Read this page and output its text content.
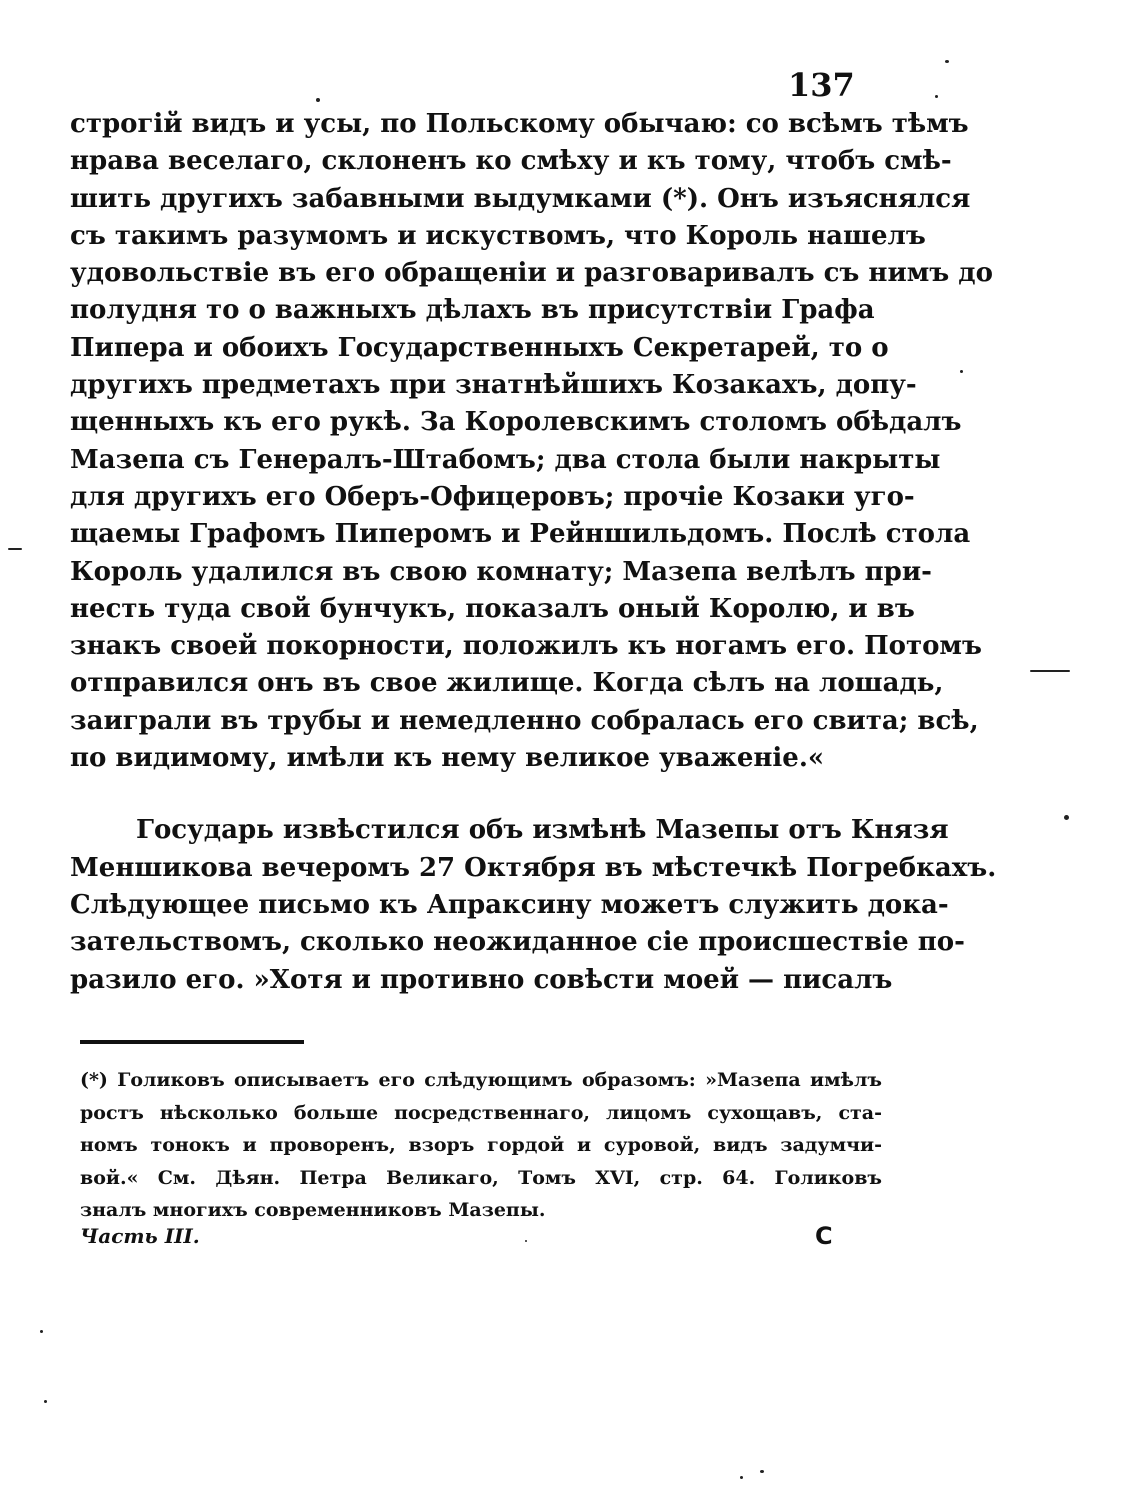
137
строгій видъ и усы, по Польскому обычаю: со всѣмъ тѣмъ
нрава веселаго, склоненъ ко смѣху и къ тому, чтобъ смѣ-
шить другихъ забавными выдумками (*). Онъ изъяснялся
съ такимъ разумомъ и искуствомъ, что Король нашелъ
удовольствіе въ его обращеніи и разговаривалъ съ нимъ до
полудня то о важныхъ дѣлахъ въ присутствіи Графа
Пипера и обоихъ Государственныхъ Секретарей, то о
другихъ предметахъ при знатнѣйшихъ Козакахъ, допу-
щенныхъ къ его рукѣ. За Королевскимъ столомъ обѣдалъ
Мазепа съ Генералъ-Штабомъ; два стола были накрыты
для другихъ его Оберъ-Офицеровъ; прочіе Козаки уго-
щаемы Графомъ Пиперомъ и Рейншильдомъ. Послѣ стола
Король удалился въ свою комнату; Мазепа велѣлъ при-
несть туда свой бунчукъ, показалъ оный Королю, и въ
знакъ своей покорности, положилъ къ ногамъ его. Потомъ
отправился онъ въ свое жилище. Когда сѣлъ на лошадь,
заиграли въ трубы и немедленно собралась его свита; всѣ,
по видимому, имѣли къ нему великое уваженіе.«
Государь извѣстился объ измѣнѣ Мазепы отъ Князя
Меншикова вечеромъ 27 Октября въ мѣстечкѣ Погребкахъ.
Слѣдующее письмо къ Апраксину можетъ служить дока-
зательствомъ, сколько неожиданное сіе происшествіе по-
разило его. »Хотя и противно совѣсти моей — писалъ
(*) Голиковъ описываетъ его слѣдующимъ образомъ: »Мазепа имѣлъ
ростъ нѣсколько больше посредственнаго, лицомъ сухощавъ, ста-
номъ тонокъ и проворенъ, взоръ гордой и суровой, видъ задумчи-
вой.« См. Дѣян. Петра Великаго, Томъ XVI, стр. 64. Голиковъ
зналъ многихъ современниковъ Мазепы.
Часть III.	С
